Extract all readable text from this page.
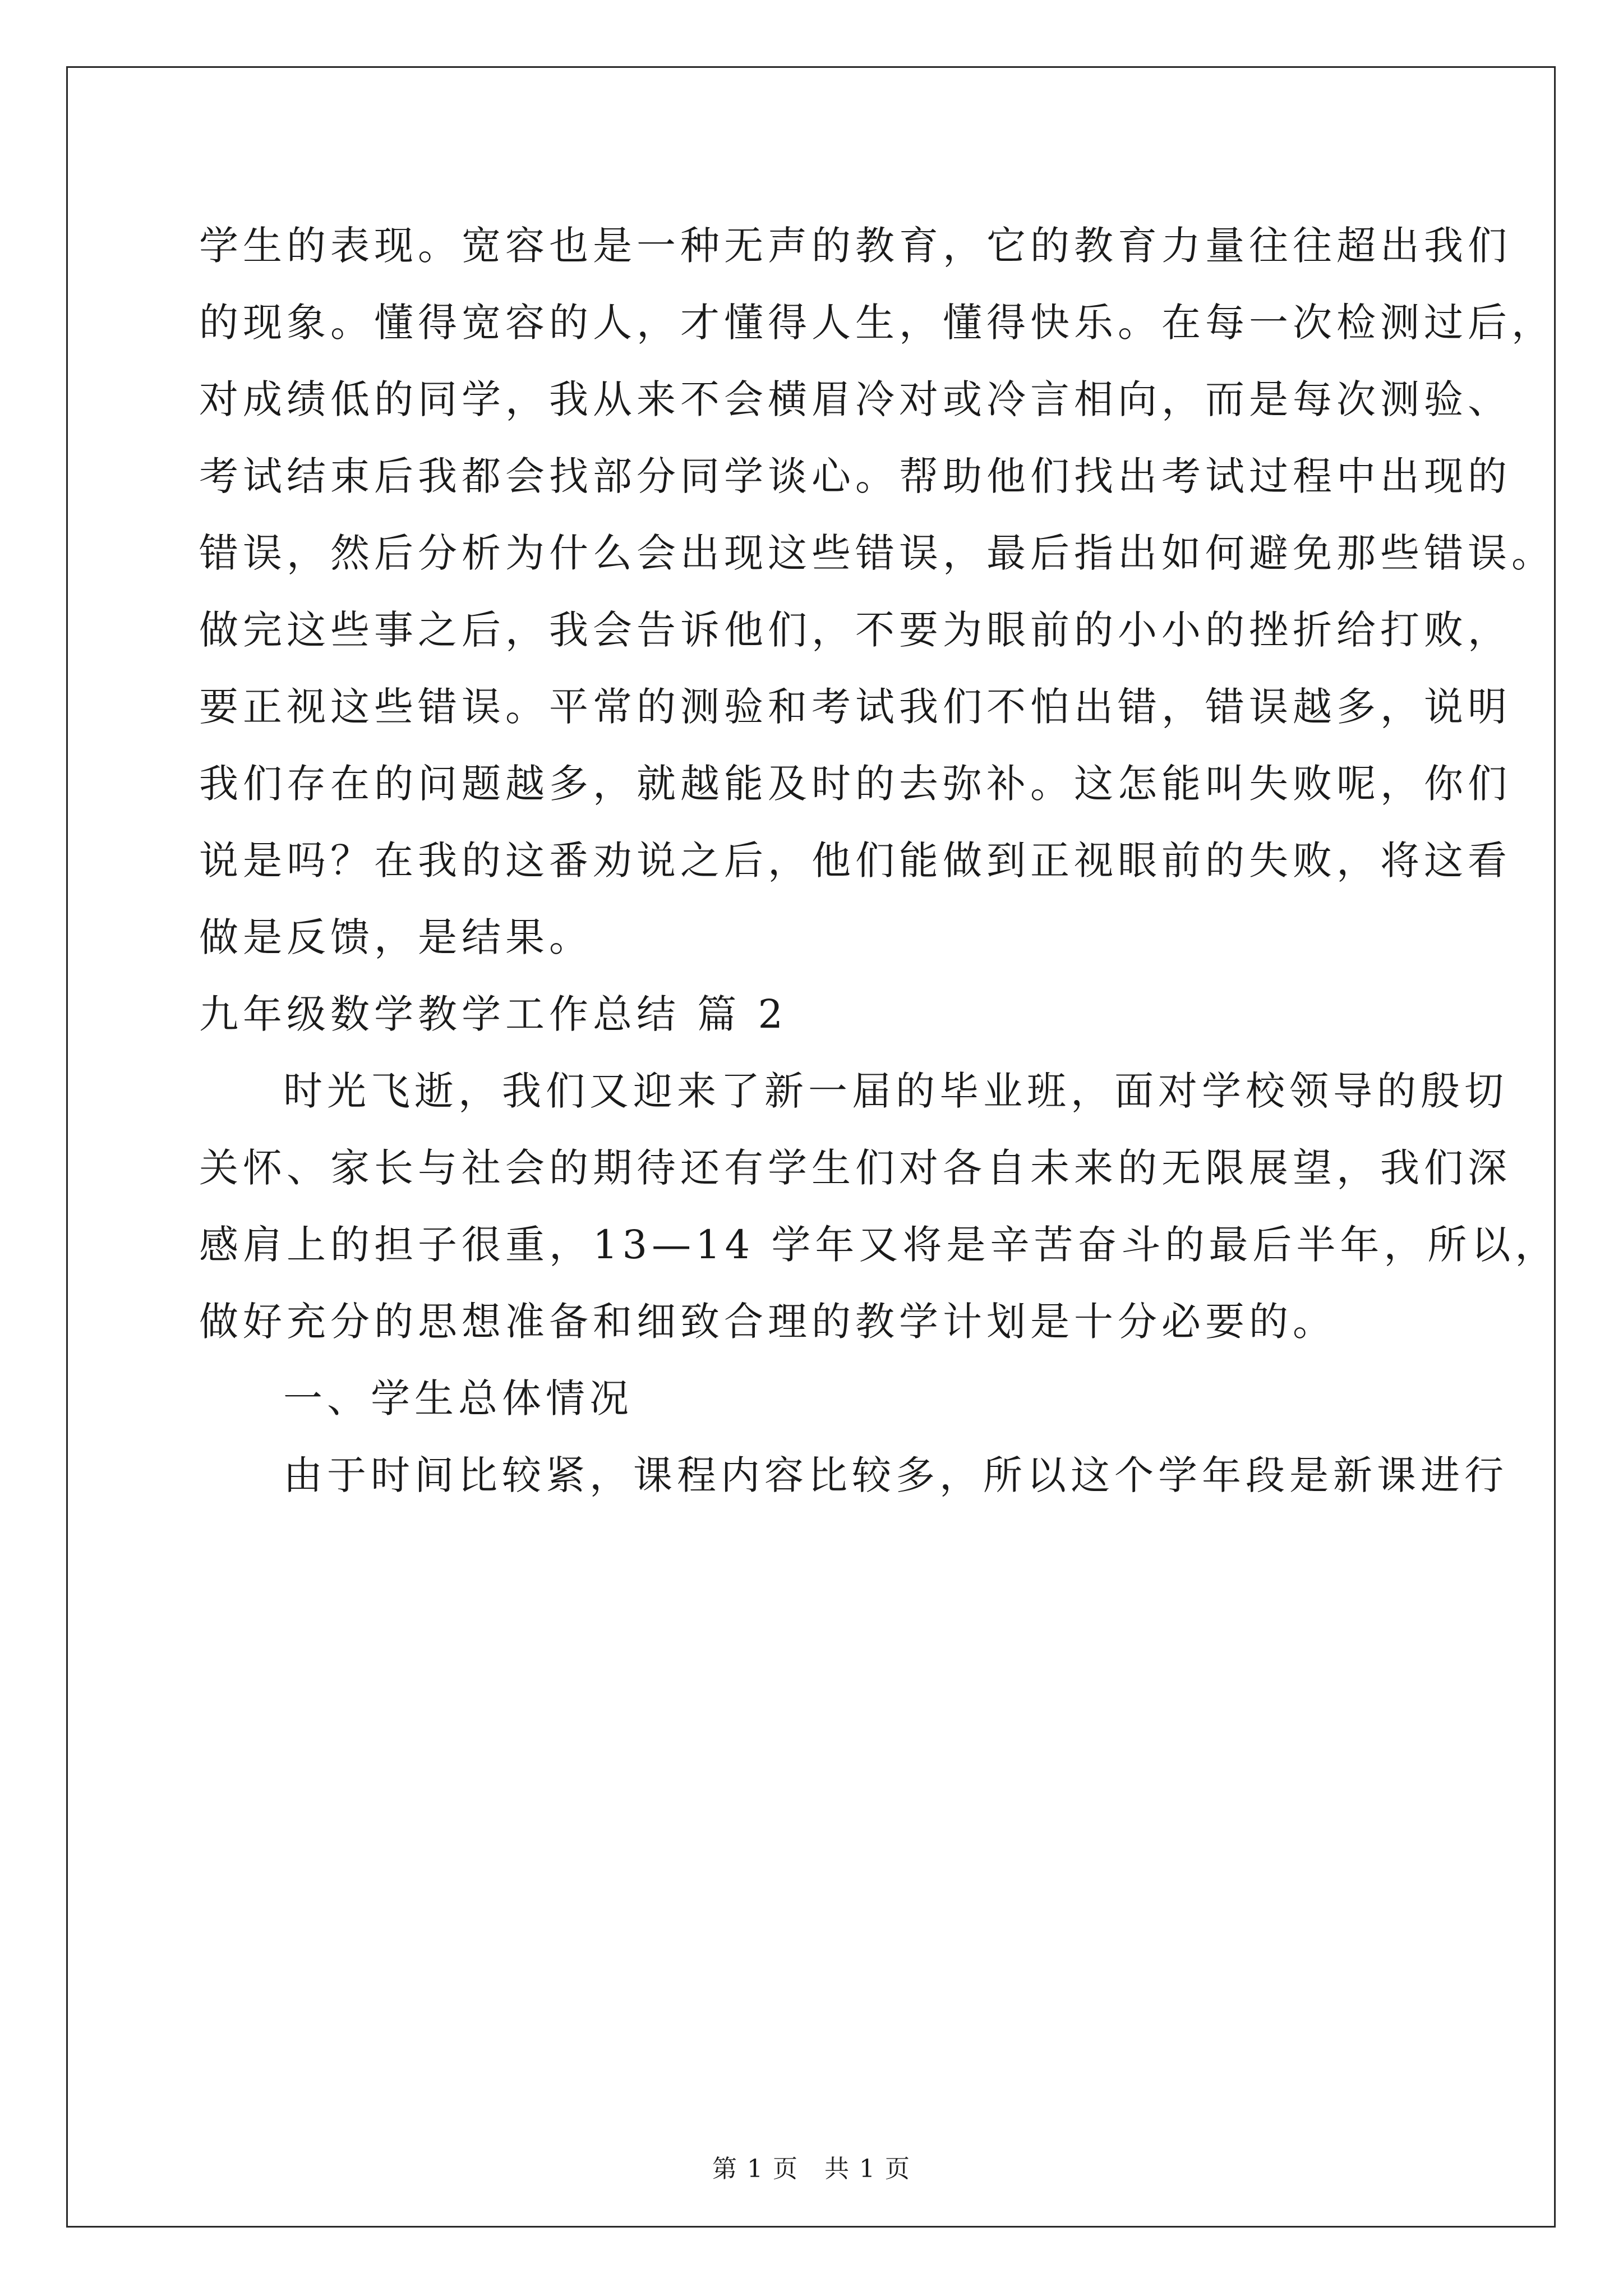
学生的表现。宽容也是一种无声的教育，它的教育力量往往超出我们
的现象。懂得宽容的人，才懂得人生，懂得快乐。在每一次检测过后，
对成绩低的同学，我从来不会横眉冷对或冷言相向，而是每次测验、
考试结束后我都会找部分同学谈心。帮助他们找出考试过程中出现的
错误，然后分析为什么会出现这些错误，最后指出如何避免那些错误。
做完这些事之后，我会告诉他们，不要为眼前的小小的挫折给打败，
要正视这些错误。平常的测验和考试我们不怕出错，错误越多，说明
我们存在的问题越多，就越能及时的去弥补。这怎能叫失败呢，你们
说是吗？在我的这番劝说之后，他们能做到正视眼前的失败，将这看
做是反馈，是结果。
九年级数学教学工作总结 篇 2
时光飞逝，我们又迎来了新一届的毕业班，面对学校领导的殷切
关怀、家长与社会的期待还有学生们对各自未来的无限展望，我们深
感肩上的担子很重，13—14 学年又将是辛苦奋斗的最后半年，所以，
做好充分的思想准备和细致合理的教学计划是十分必要的。
一、学生总体情况
由于时间比较紧，课程内容比较多，所以这个学年段是新课进行
第 1 页　共 1 页
